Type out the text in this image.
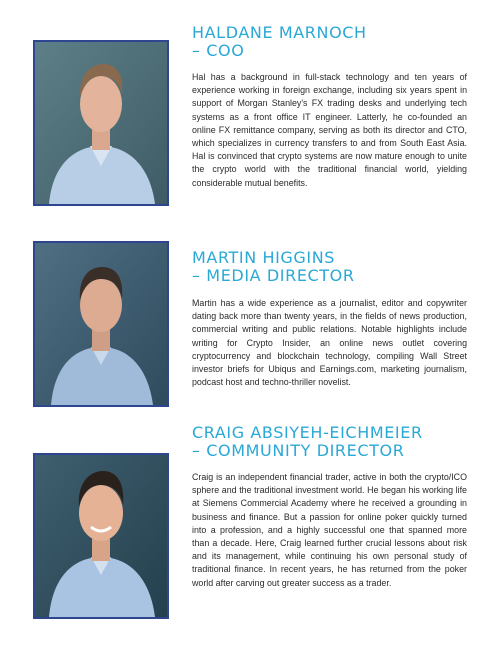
HALDANE MARNOCH
– COO

Hal has a background in full-stack technology and ten years of experience working in foreign exchange, including six years spent in support of Morgan Stanley's FX trading desks and underlying tech systems as a front office IT engineer. Latterly, he co-founded an online FX remittance company, serving as both its director and CTO, which specializes in currency transfers to and from South East Asia. Hal is convinced that crypto systems are now mature enough to unite the crypto world with the traditional financial world, yielding considerable mutual benefits.

MARTIN HIGGINS
– MEDIA DIRECTOR

Martin has a wide experience as a journalist, editor and copywriter dating back more than twenty years, in the fields of news production, commercial writing and public relations. Notable highlights include writing for Crypto Insider, an online news outlet covering cryptocurrency and blockchain technology, compiling Wall Street investor briefs for Ubiqus and Earnings.com, marketing journalism, podcast host and techno-thriller novelist.

CRAIG ABSIYEH-EICHMEIER
– COMMUNITY DIRECTOR

Craig is an independent financial trader, active in both the crypto/ICO sphere and the traditional investment world. He began his working life at Siemens Commercial Academy where he received a grounding in business and finance. But a passion for online poker quickly turned into a profession, and a highly successful one that spanned more than a decade. Here, Craig learned further crucial lessons about risk and its management, while continuing his own personal study of traditional finance. In recent years, he has returned from the poker world after carving out greater success as a trader.
